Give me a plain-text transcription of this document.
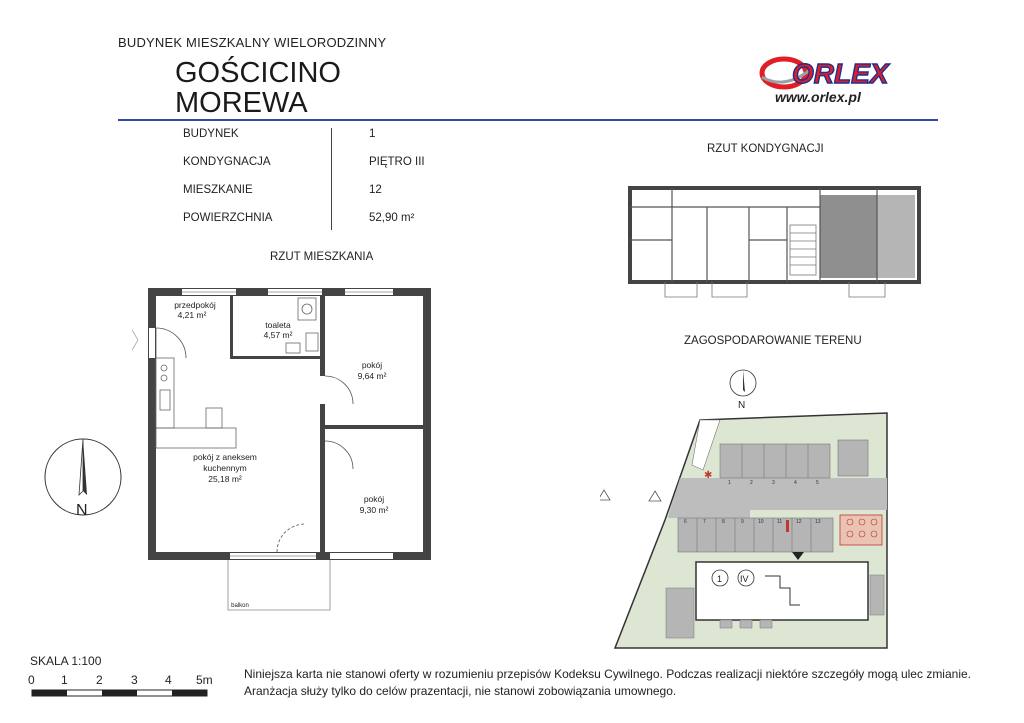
BUDYNEK MIESZKALNY WIELORODZINNY
GOŚCICINO
MOREWA
ORLEX
www.orlex.pl
BUDYNEK	1
KONDYGNACJA	PIĘTRO III
MIESZKANIE	12
POWIERZCHNIA	52,90 m²
RZUT MIESZKANIA
RZUT KONDYGNACJI
ZAGOSPODAROWANIE TERENU
przedpokój
4,21 m²
toaleta
4,57 m²
pokój
9,64 m²
pokój z aneksem
kuchennym
25,18 m²
pokój
9,30 m²
balkon
N
N
1	2	3	4	5
6	7	8	9	10	11	12	13
✱
1 IV
SKALA 1:100
0 1 2 3 4 5m	Niniejsza karta nie stanowi oferty w rozumieniu przepisów Kodeksu Cywilnego. Podczas realizacji niektóre szczegóły mogą ulec zmianie.
Aranżacja służy tylko do celów prazentacji, nie stanowi zobowiązania umownego.
